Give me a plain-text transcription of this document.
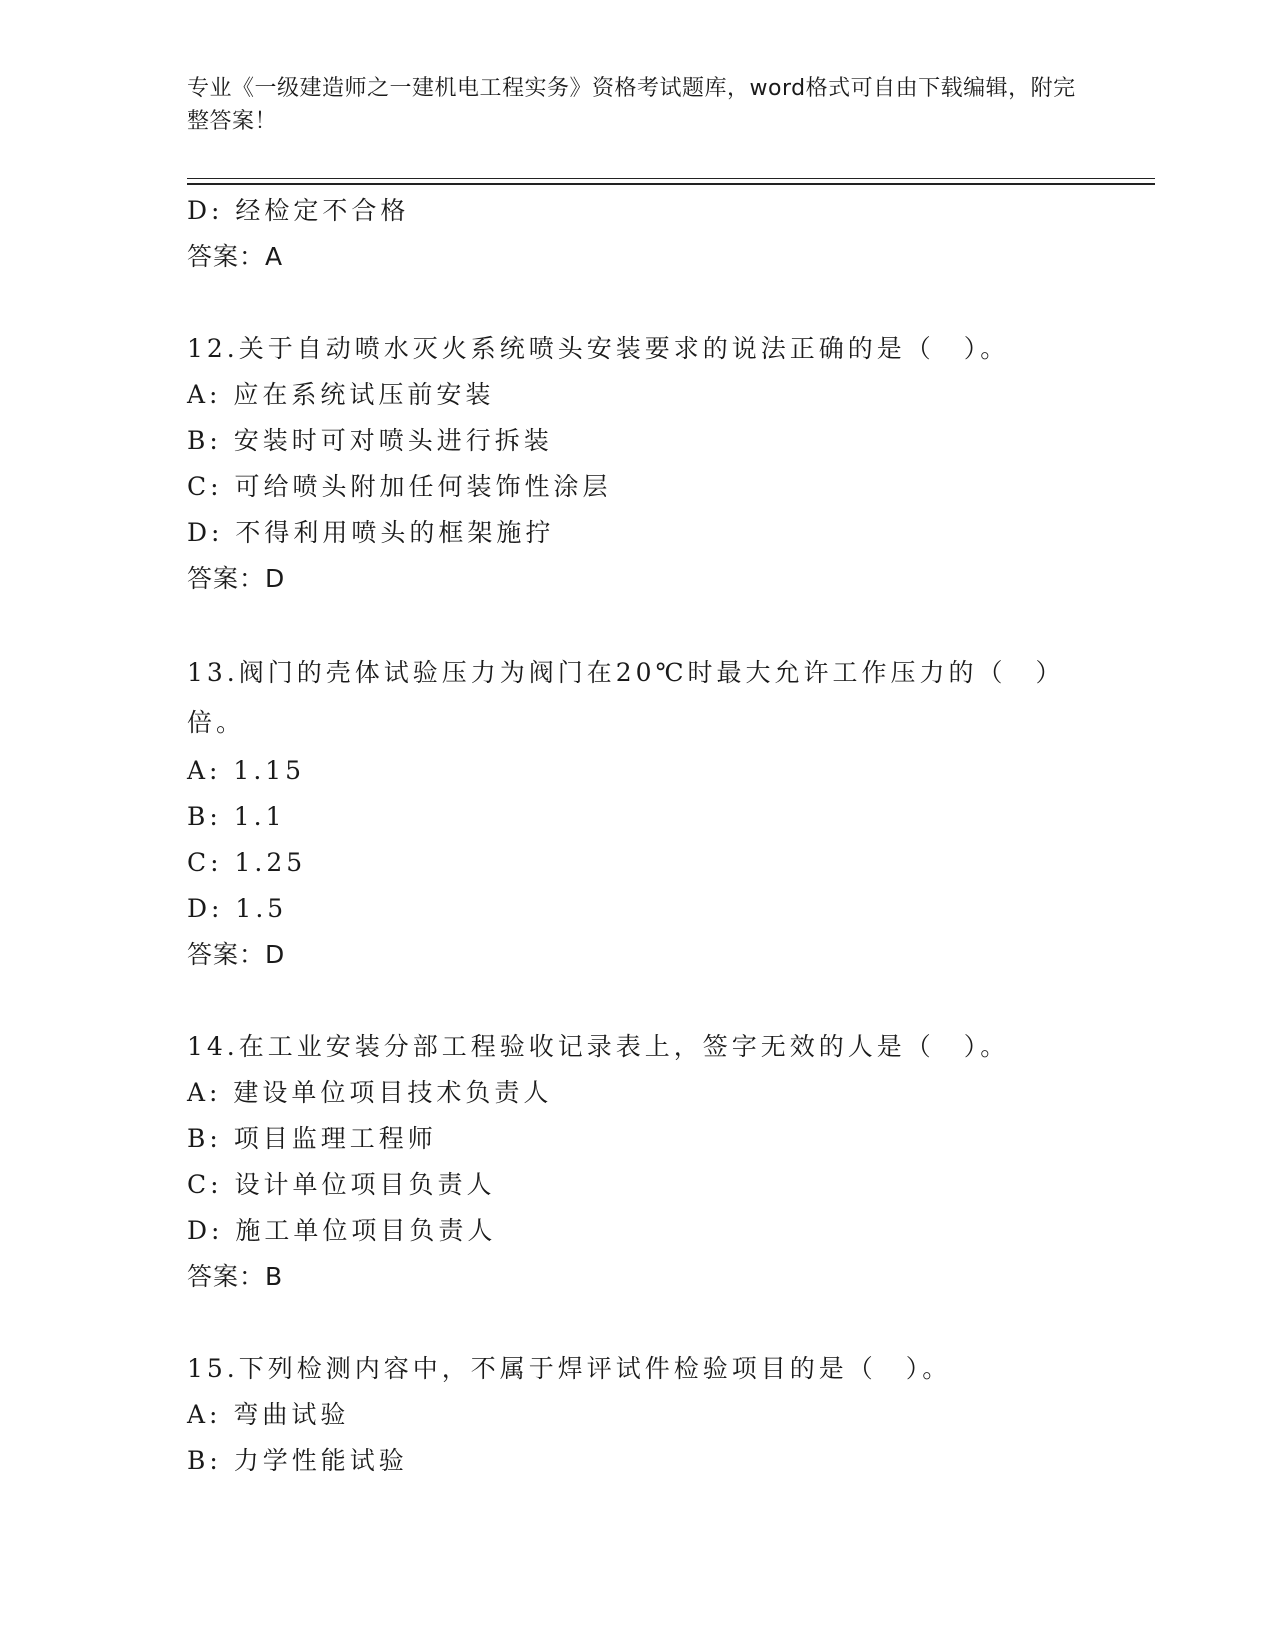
专业《一级建造师之一建机电工程实务》资格考试题库，word格式可自由下载编辑，附完整答案！
D: 经检定不合格
答案：A
12.关于自动喷水灭火系统喷头安装要求的说法正确的是（　）。
A: 应在系统试压前安装
B: 安装时可对喷头进行拆装
C: 可给喷头附加任何装饰性涂层
D: 不得利用喷头的框架施拧
答案：D
13.阀门的壳体试验压力为阀门在20℃时最大允许工作压力的（　）倍。
A: 1.15
B: 1.1
C: 1.25
D: 1.5
答案：D
14.在工业安装分部工程验收记录表上，签字无效的人是（　）。
A: 建设单位项目技术负责人
B: 项目监理工程师
C: 设计单位项目负责人
D: 施工单位项目负责人
答案：B
15.下列检测内容中，不属于焊评试件检验项目的是（　）。
A: 弯曲试验
B: 力学性能试验
